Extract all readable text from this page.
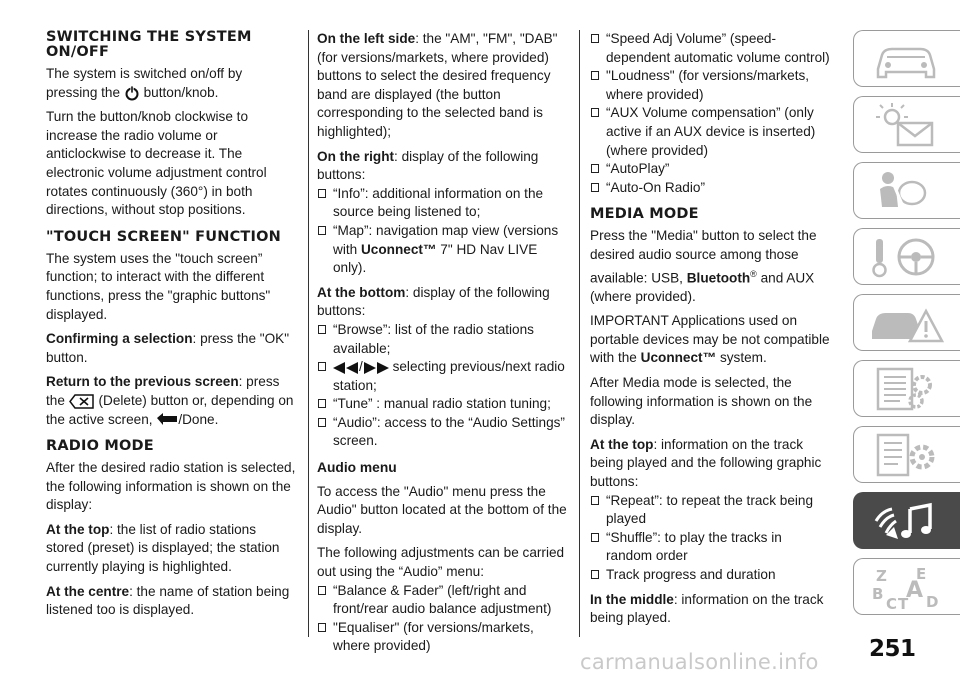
SWITCHING THE SYSTEM ON/OFF

The system is switched on/off by pressing the button/knob.

Turn the button/knob clockwise to increase the radio volume or anticlockwise to decrease it. The electronic volume adjustment control rotates continuously (360°) in both directions, without stop positions.

"TOUCH SCREEN" FUNCTION

The system uses the "touch screen” function; to interact with the different functions, press the "graphic buttons" displayed.

Confirming a selection: press the "OK" button.

Return to the previous screen: press the (Delete) button or, depending on the active screen, /Done.

RADIO MODE

After the desired radio station is selected, the following information is shown on the display:

At the top: the list of radio stations stored (preset) is displayed; the station currently playing is highlighted.

At the centre: the name of station being listened too is displayed.

On the left side: the "AM", "FM", "DAB" (for versions/markets, where provided) buttons to select the desired frequency band are displayed (the button corresponding to the selected band is highlighted);

On the right: display of the following buttons:

“Info”: additional information on the source being listened to;
“Map”: navigation map view (versions with Uconnect™ 7" HD Nav LIVE only).

At the bottom: display of the following buttons:

“Browse”: list of the radio stations available;
/ selecting previous/next radio station;
“Tune” : manual radio station tuning;
“Audio”: access to the “Audio Settings” screen.
Audio menu

To access the "Audio" menu press the Audio" button located at the bottom of the display.

The following adjustments can be carried out using the “Audio” menu:

“Balance & Fader” (left/right and front/rear audio balance adjustment)
"Equaliser" (for versions/markets, where provided)
“Speed Adj Volume” (speed-dependent automatic volume control)
"Loudness" (for versions/markets, where provided)
“AUX Volume compensation” (only active if an AUX device is inserted) (where provided)
“AutoPlay”
“Auto-On Radio”
MEDIA MODE

Press the "Media" button to select the desired audio source among those available: USB, Bluetooth® and AUX (where provided).

IMPORTANT Applications used on portable devices may be not compatible with the Uconnect™ system.

After Media mode is selected, the following information is shown on the display.

At the top: information on the track being played and the following graphic buttons:

“Repeat”: to repeat the track being played
“Shuffle”: to play the tracks in random order
Track progress and duration

In the middle: information on the track being played.

Z E
B A
C T D
251
carmanualsonline.info
